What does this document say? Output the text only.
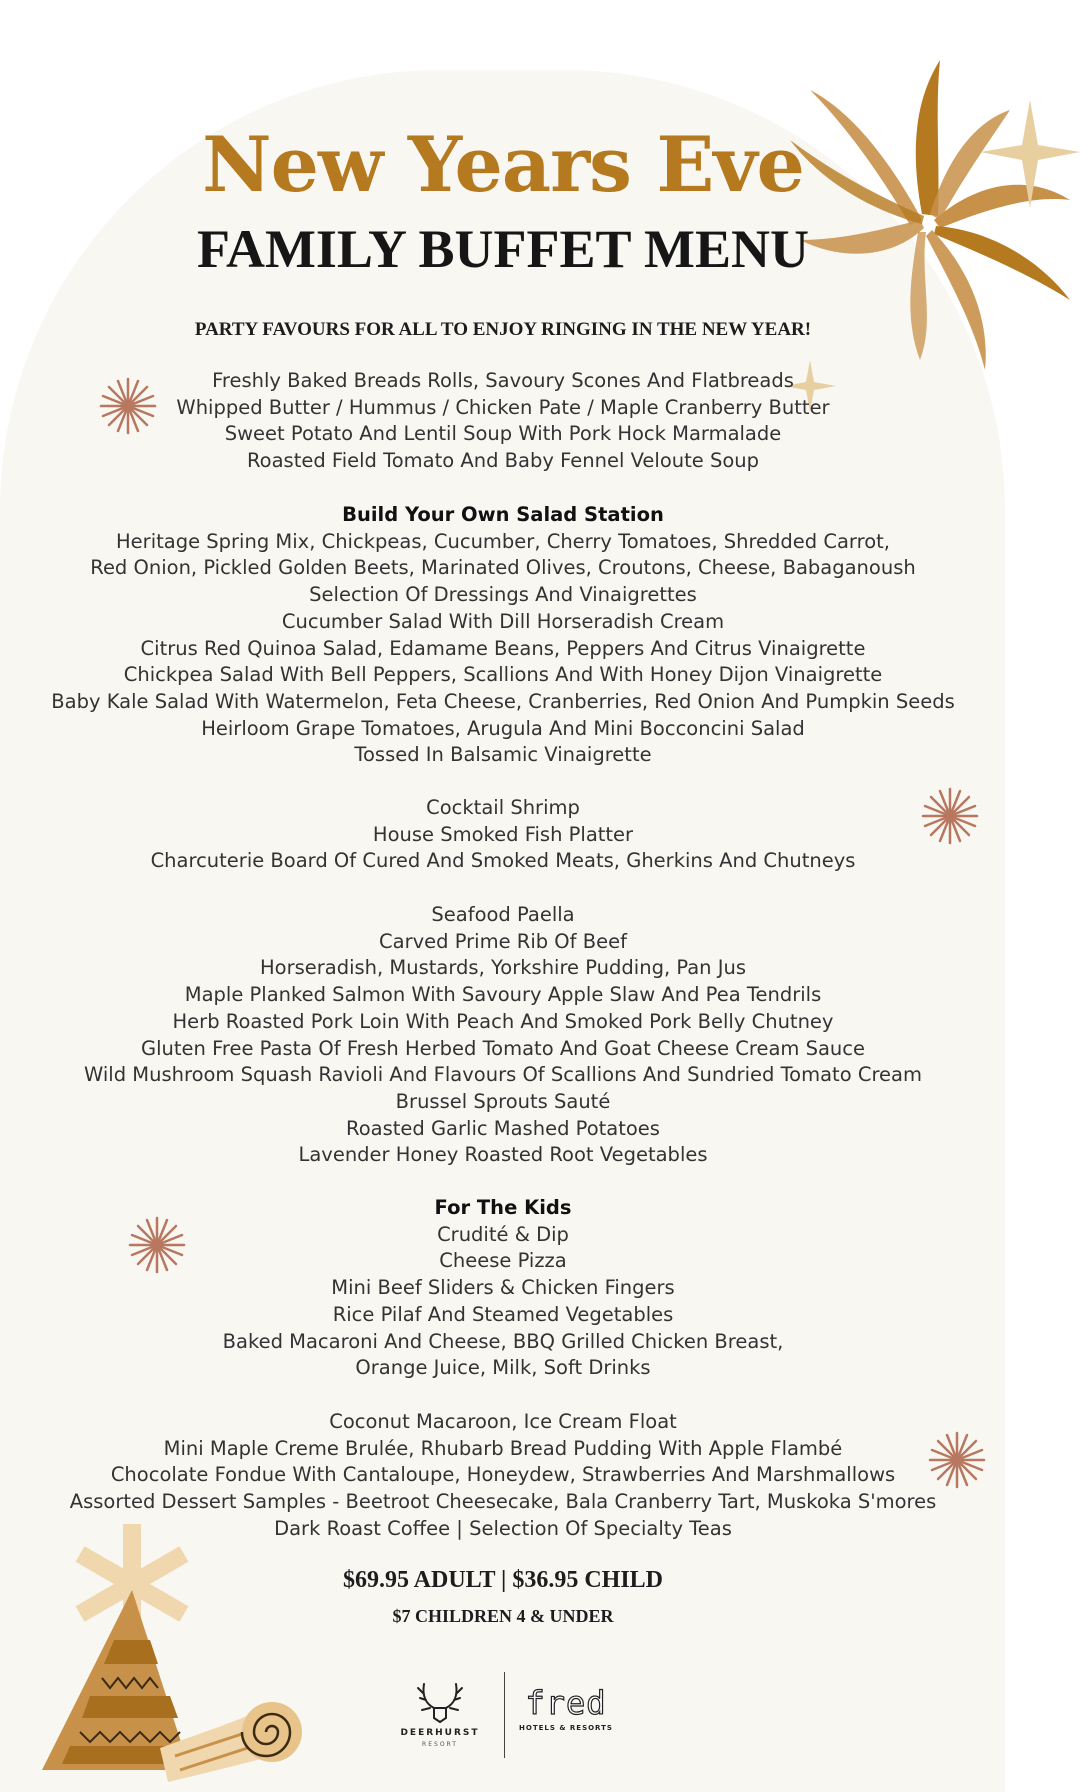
New Years Eve
FAMILY BUFFET MENU
PARTY FAVOURS FOR ALL TO ENJOY RINGING IN THE NEW YEAR!
Freshly Baked Breads Rolls, Savoury Scones And Flatbreads
Whipped Butter / Hummus / Chicken Pate / Maple Cranberry Butter
Sweet Potato And Lentil Soup With Pork Hock Marmalade
Roasted Field Tomato And Baby Fennel Veloute Soup
Build Your Own Salad Station
Heritage Spring Mix, Chickpeas, Cucumber, Cherry Tomatoes, Shredded Carrot,
Red Onion, Pickled Golden Beets, Marinated Olives, Croutons, Cheese, Babaganoush
Selection Of Dressings And Vinaigrettes
Cucumber Salad With Dill Horseradish Cream
Citrus Red Quinoa Salad, Edamame Beans, Peppers And Citrus Vinaigrette
Chickpea Salad With Bell Peppers, Scallions And With Honey Dijon Vinaigrette
Baby Kale Salad With Watermelon, Feta Cheese, Cranberries, Red Onion And Pumpkin Seeds
Heirloom Grape Tomatoes, Arugula And Mini Bocconcini Salad
Tossed In Balsamic Vinaigrette
Cocktail Shrimp
House Smoked Fish Platter
Charcuterie Board Of Cured And Smoked Meats, Gherkins And Chutneys
Seafood Paella
Carved Prime Rib Of Beef
Horseradish, Mustards, Yorkshire Pudding, Pan Jus
Maple Planked Salmon With Savoury Apple Slaw And Pea Tendrils
Herb Roasted Pork Loin With Peach And Smoked Pork Belly Chutney
Gluten Free Pasta Of Fresh Herbed Tomato And Goat Cheese Cream Sauce
Wild Mushroom Squash Ravioli And Flavours Of Scallions And Sundried Tomato Cream
Brussel Sprouts Sauté
Roasted Garlic Mashed Potatoes
Lavender Honey Roasted Root Vegetables
For The Kids
Crudité & Dip
Cheese Pizza
Mini Beef Sliders & Chicken Fingers
Rice Pilaf And Steamed Vegetables
Baked Macaroni And Cheese, BBQ Grilled Chicken Breast,
Orange Juice, Milk, Soft Drinks
Coconut Macaroon, Ice Cream Float
Mini Maple Creme Brulée, Rhubarb Bread Pudding With Apple Flambé
Chocolate Fondue With Cantaloupe, Honeydew, Strawberries And Marshmallows
Assorted Dessert Samples - Beetroot Cheesecake, Bala Cranberry Tart, Muskoka S'mores
Dark Roast Coffee | Selection Of Specialty Teas
$69.95 ADULT | $36.95 CHILD
$7 CHILDREN 4 & UNDER
DEERHURST
RESORT
fred
HOTELS & RESORTS
